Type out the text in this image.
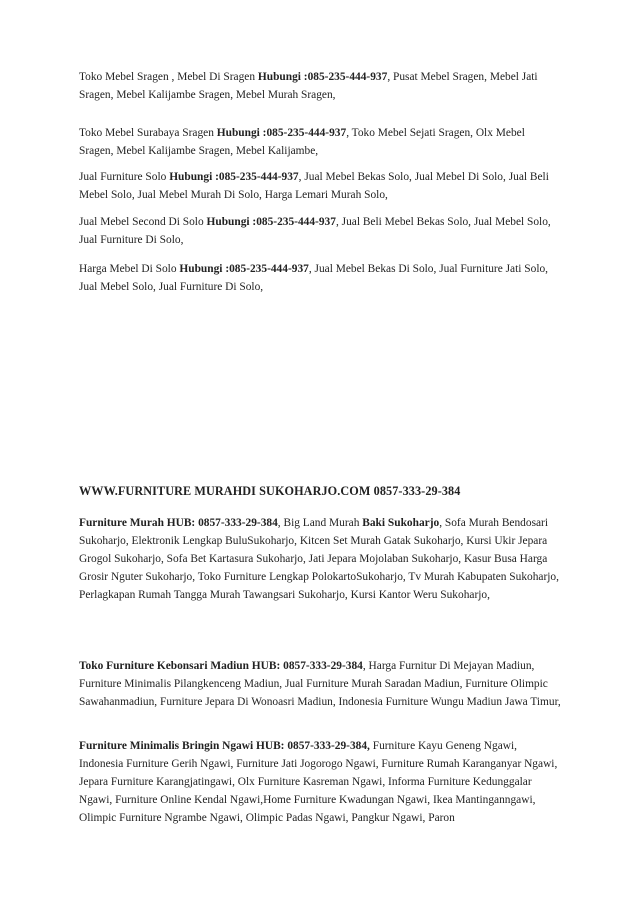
Toko Mebel Sragen , Mebel Di Sragen Hubungi :085-235-444-937, Pusat Mebel Sragen, Mebel Jati Sragen, Mebel Kalijambe Sragen, Mebel Murah Sragen,

Toko Mebel Surabaya Sragen Hubungi :085-235-444-937, Toko Mebel Sejati Sragen, Olx Mebel Sragen, Mebel Kalijambe Sragen, Mebel Kalijambe,

Jual Furniture Solo Hubungi :085-235-444-937, Jual Mebel Bekas Solo, Jual Mebel Di Solo, Jual Beli Mebel Solo, Jual Mebel Murah Di Solo, Harga Lemari Murah Solo,

Jual Mebel Second Di Solo Hubungi :085-235-444-937, Jual Beli Mebel Bekas Solo, Jual Mebel Solo, Jual Furniture Di Solo,

Harga Mebel Di Solo Hubungi :085-235-444-937, Jual Mebel Bekas Di Solo, Jual Furniture Jati Solo, Jual Mebel Solo, Jual Furniture Di Solo,

WWW.FURNITURE MURAHDI SUKOHARJO.COM 0857-333-29-384

Furniture Murah HUB: 0857-333-29-384, Big Land Murah Baki Sukoharjo, Sofa Murah Bendosari Sukoharjo, Elektronik Lengkap BuluSukoharjo, Kitcen Set Murah Gatak Sukoharjo, Kursi Ukir Jepara Grogol Sukoharjo, Sofa Bet Kartasura Sukoharjo, Jati Jepara Mojolaban Sukoharjo, Kasur Busa Harga Grosir Nguter Sukoharjo, Toko Furniture Lengkap PolokartoSukoharjo, Tv Murah Kabupaten Sukoharjo, Perlagkapan Rumah Tangga Murah Tawangsari Sukoharjo, Kursi Kantor Weru Sukoharjo,

Toko Furniture Kebonsari Madiun HUB: 0857-333-29-384, Harga Furnitur Di Mejayan Madiun, Furniture Minimalis Pilangkenceng Madiun, Jual Furniture Murah Saradan Madiun, Furniture Olimpic Sawahanmadiun, Furniture Jepara Di Wonoasri Madiun, Indonesia Furniture Wungu Madiun Jawa Timur,

Furniture Minimalis Bringin Ngawi HUB: 0857-333-29-384, Furniture Kayu Geneng Ngawi, Indonesia Furniture Gerih Ngawi, Furniture Jati Jogorogo Ngawi, Furniture Rumah Karanganyar Ngawi, Jepara Furniture Karangjatingawi, Olx Furniture Kasreman Ngawi, Informa Furniture Kedunggalar Ngawi, Furniture Online Kendal Ngawi,Home Furniture Kwadungan Ngawi, Ikea Mantinganngawi, Olimpic Furniture Ngrambe Ngawi, Olimpic Padas Ngawi, Pangkur Ngawi, Paron
